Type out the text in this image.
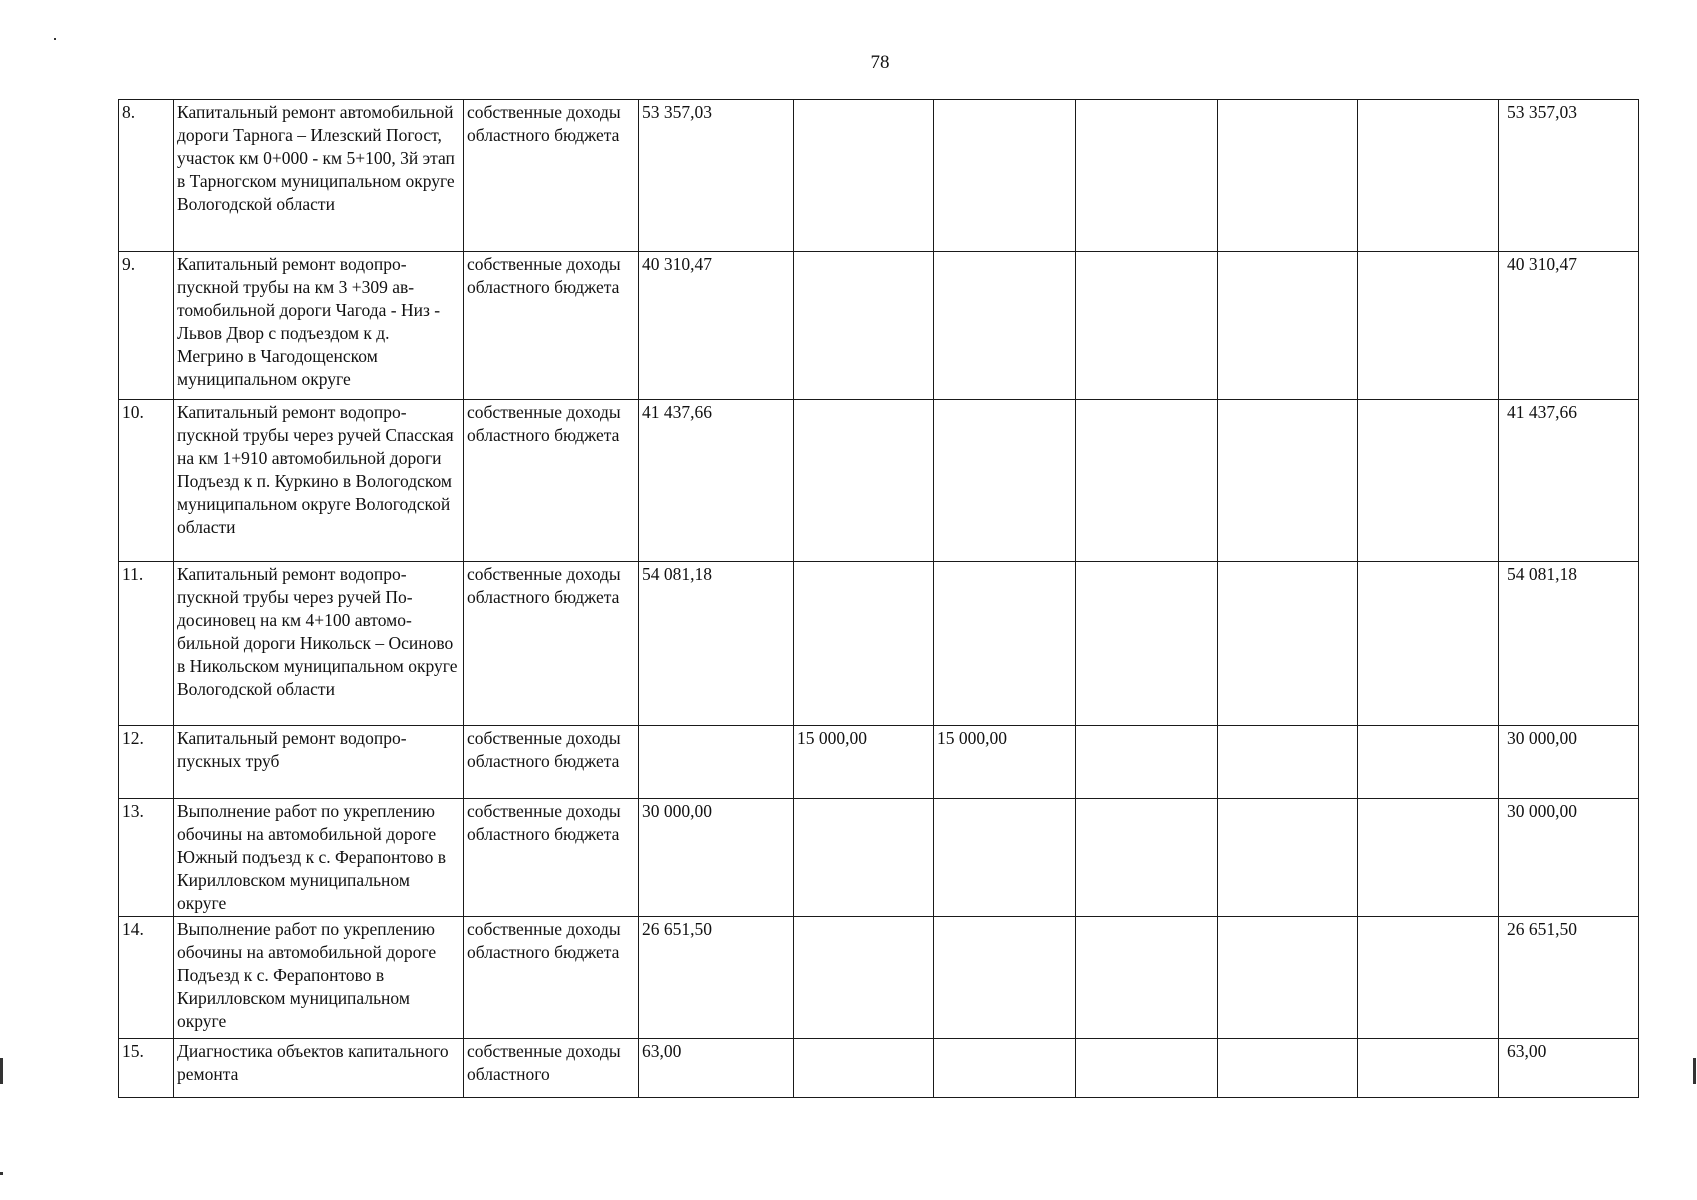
78
8.	Капитальный ремонт автомобильной дороги Тарнога – Илезский Погост, участок км 0+000 - км 5+100, 3й этап в Тарногском муниципальном округе Вологодской области	собственные доходы областного бюджета	53 357,03						53 357,03
9.	Капитальный ремонт водопропускной трубы на км 3 +309 автомобильной дороги Чагода - Низ - Львов Двор с подъездом к д. Мегрино в Чагодощенском муниципальном округе	собственные доходы областного бюджета	40 310,47						40 310,47
10.	Капитальный ремонт водопропускной трубы через ручей Спасская на км 1+910 автомобильной дороги Подъезд к п. Куркино в Вологодском муниципальном округе Вологодской области	собственные доходы областного бюджета	41 437,66						41 437,66
11.	Капитальный ремонт водопропускной трубы через ручей Подосиновец на км 4+100 автомобильной дороги Никольск – Осиново в Никольском муниципальном округе Вологодской области	собственные доходы областного бюджета	54 081,18						54 081,18
12.	Капитальный ремонт водопропускных труб	собственные доходы областного бюджета		15 000,00	15 000,00				30 000,00
13.	Выполнение работ по укреплению обочины на автомобильной дороге Южный подъезд к с. Ферапонтово в Кирилловском муниципальном округе	собственные доходы областного бюджета	30 000,00						30 000,00
14.	Выполнение работ по укреплению обочины на автомобильной дороге Подъезд к с. Ферапонтово в Кирилловском муниципальном округе	собственные доходы областного бюджета	26 651,50						26 651,50
15.	Диагностика объектов капитального ремонта	собственные доходы областного	63,00						63,00
